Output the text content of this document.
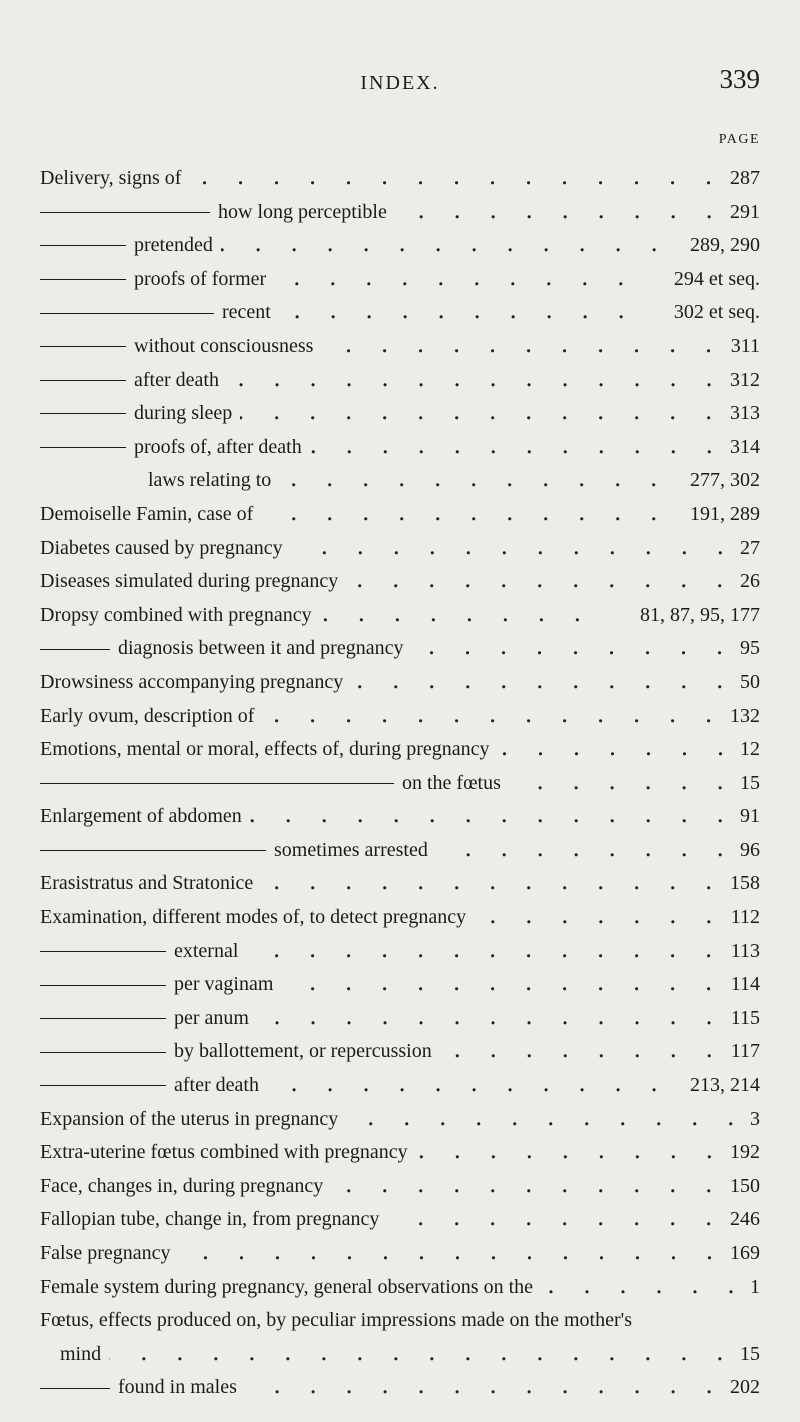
INDEX.	339
PAGE
Delivery, signs of	287
how long perceptible	291
pretended	289, 290
proofs of former	294 et seq.
recent	302 et seq.
without consciousness	311
after death	312
during sleep	313
proofs of, after death	314
laws relating to	277, 302
Demoiselle Famin, case of	191, 289
Diabetes caused by pregnancy	27
Diseases simulated during pregnancy	26
Dropsy combined with pregnancy	81, 87, 95, 177
diagnosis between it and pregnancy	95
Drowsiness accompanying pregnancy	50
Early ovum, description of	132
Emotions, mental or moral, effects of, during pregnancy	12
on the fœtus	15
Enlargement of abdomen	91
sometimes arrested	96
Erasistratus and Stratonice	158
Examination, different modes of, to detect pregnancy	112
external	113
per vaginam	114
per anum	115
by ballottement, or repercussion	117
after death	213, 214
Expansion of the uterus in pregnancy	3
Extra-uterine fœtus combined with pregnancy	192
Face, changes in, during pregnancy	150
Fallopian tube, change in, from pregnancy	246
False pregnancy	169
Female system during pregnancy, general observations on the	1
Fœtus, effects produced on, by peculiar impressions made on the mother's
mind	15
found in males	202
